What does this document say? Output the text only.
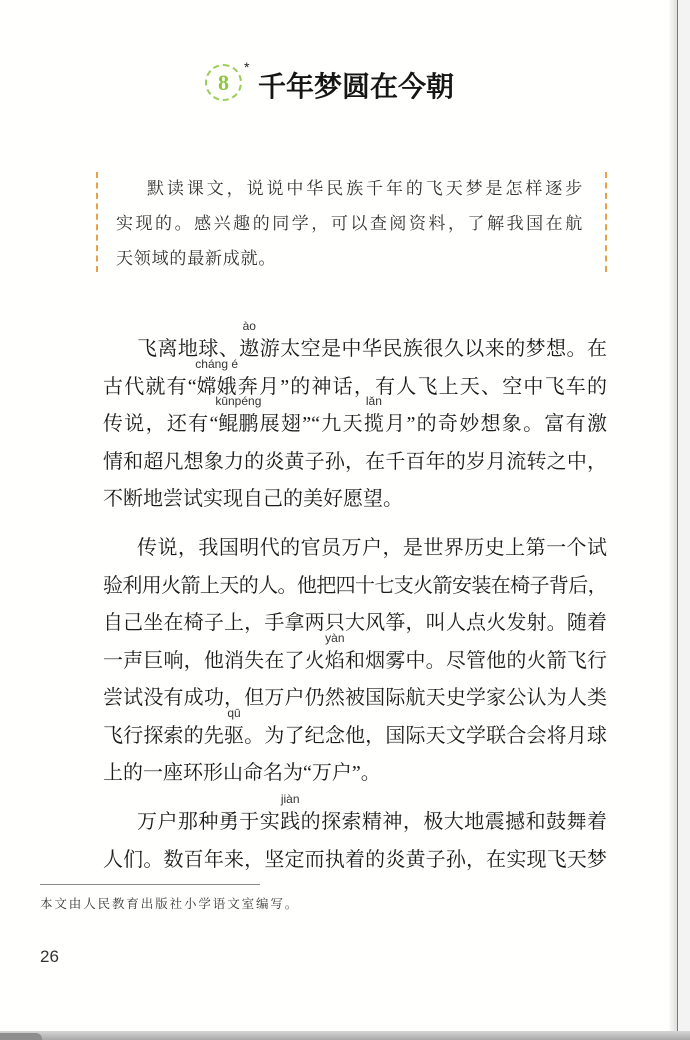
8
*
千年梦圆在今朝
默读课文，说说中华民族千年的飞天梦是怎样逐步
实现的。感兴趣的同学，可以查阅资料，了解我国在航
天领域的最新成就。
飞离地球、
ào
遨游太空是中华民族很久以来的梦想。在
古代就有“
cháng é
嫦娥奔月”的神话，有人飞上天、空中飞车的
传说，还有“
kūnpéng
鲲鹏展翅”“九天
lǎn
揽月”的奇妙想象。富有激
情和超凡想象力的炎黄子孙，在千百年的岁月流转之中，
不断地尝试实现自己的美好愿望。
传说，我国明代的官员万户，是世界历史上第一个试
验利用火箭上天的人。他把四十七支火箭安装在椅子背后，
自己坐在椅子上，手拿两只大风筝，叫人点火发射。随着
一声巨响，他消失在了火
yàn
焰和烟雾中。尽管他的火箭飞行
尝试没有成功，但万户仍然被国际航天史学家公认为人类
飞行探索的先
qū
驱。为了纪念他，国际天文学联合会将月球
上的一座环形山命名为“万户”。
万户那种勇于实
jiàn
践的探索精神，极大地震撼和鼓舞着
人们。数百年来，坚定而执着的炎黄子孙，在实现飞天梦
本文由人民教育出版社小学语文室编写。
26
